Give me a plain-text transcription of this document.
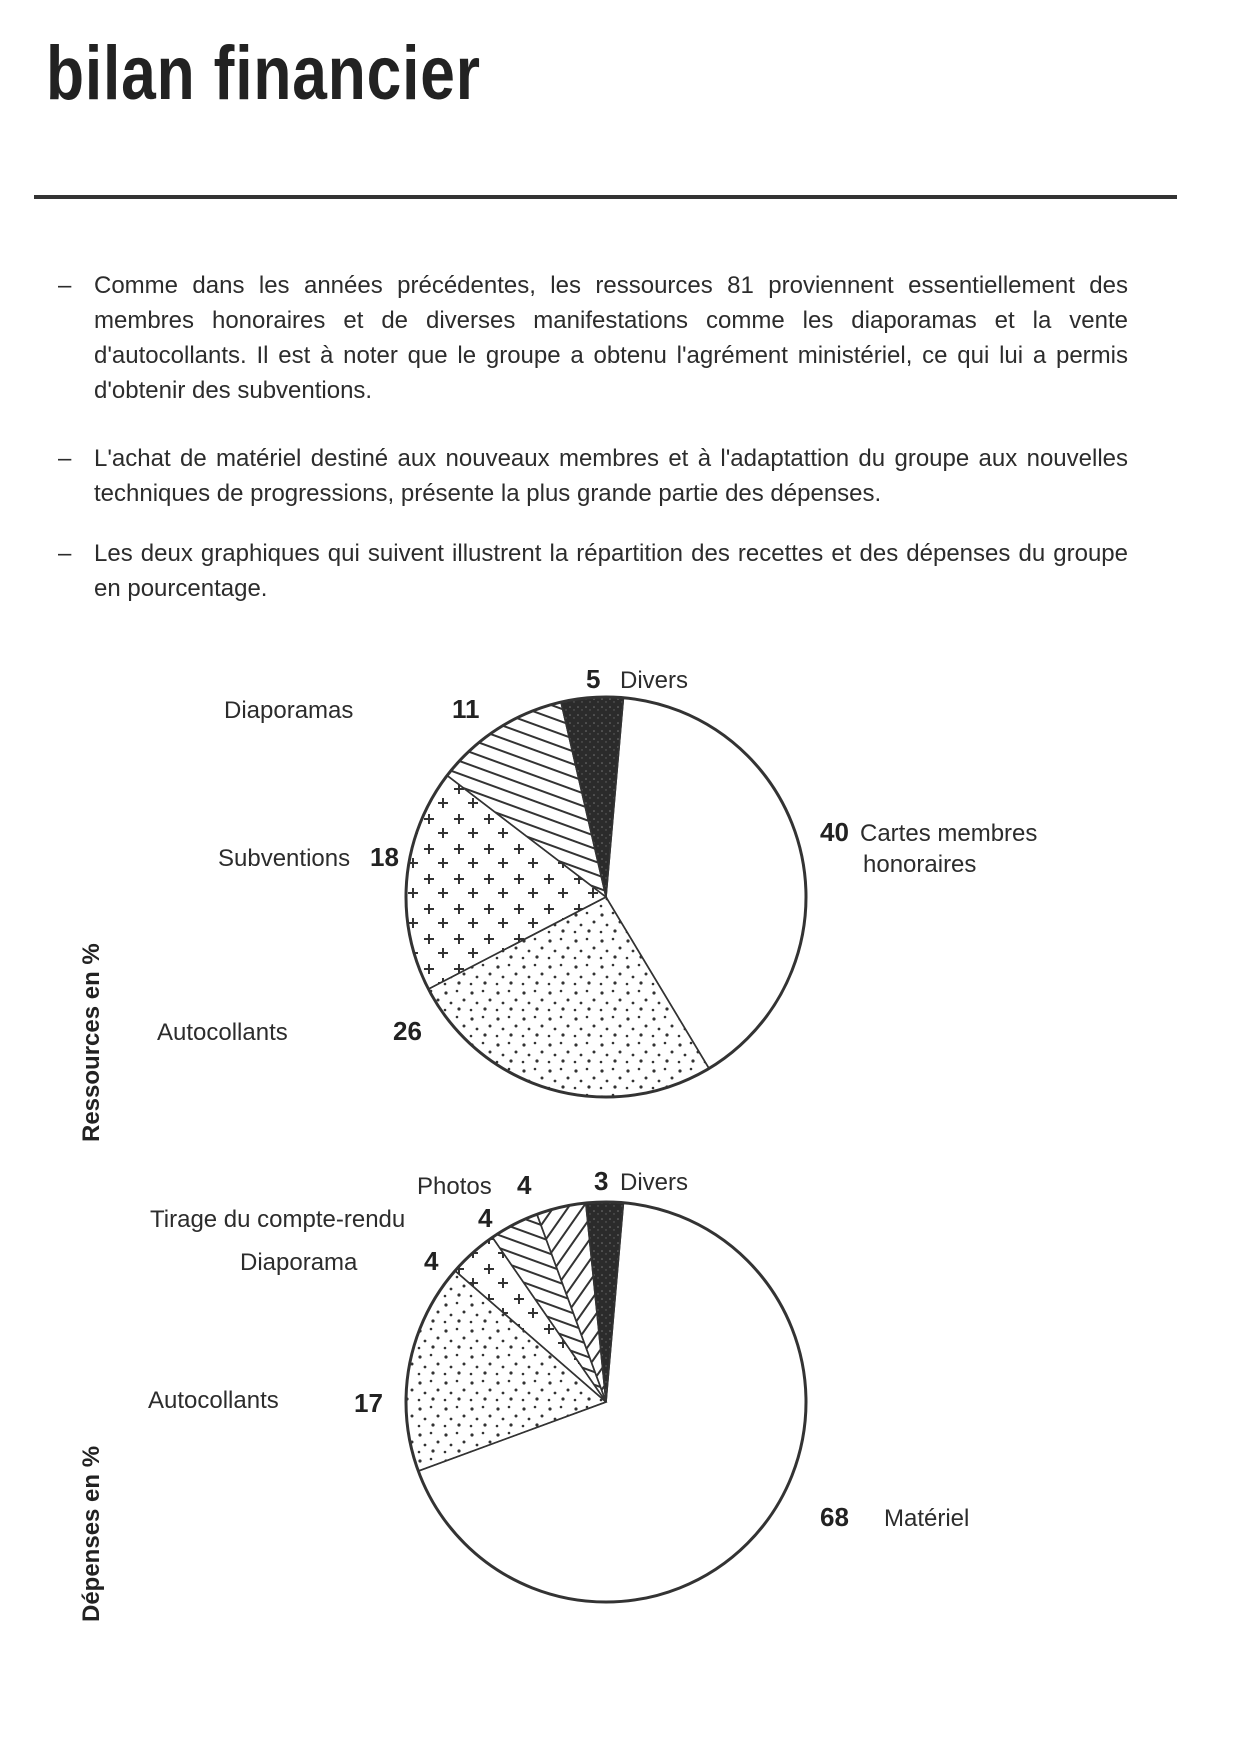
bilan financier
– Comme dans les années précédentes, les ressources 81 proviennent essentiellement des membres honoraires et de diverses manifestations comme les diaporamas et la vente d'autocollants. Il est à noter que le groupe a obtenu l'agrément ministériel, ce qui lui a permis d'obtenir des subventions.
– L'achat de matériel destiné aux nouveaux membres et à l'adaptattion du groupe aux nouvelles techniques de progressions, présente la plus grande partie des dépenses.
– Les deux graphiques qui suivent illustrent la répartition des recettes et des dépenses du groupe en pourcentage.
5 Divers
Diaporamas	11
40 Cartes membres
honoraires
Subventions 18
Autocollants	26
Ressources en %
Photos 4 3 Divers
Tirage du compte-rendu	4
Diaporama	4
Autocollants	17
68 Matériel
Dépenses en %
